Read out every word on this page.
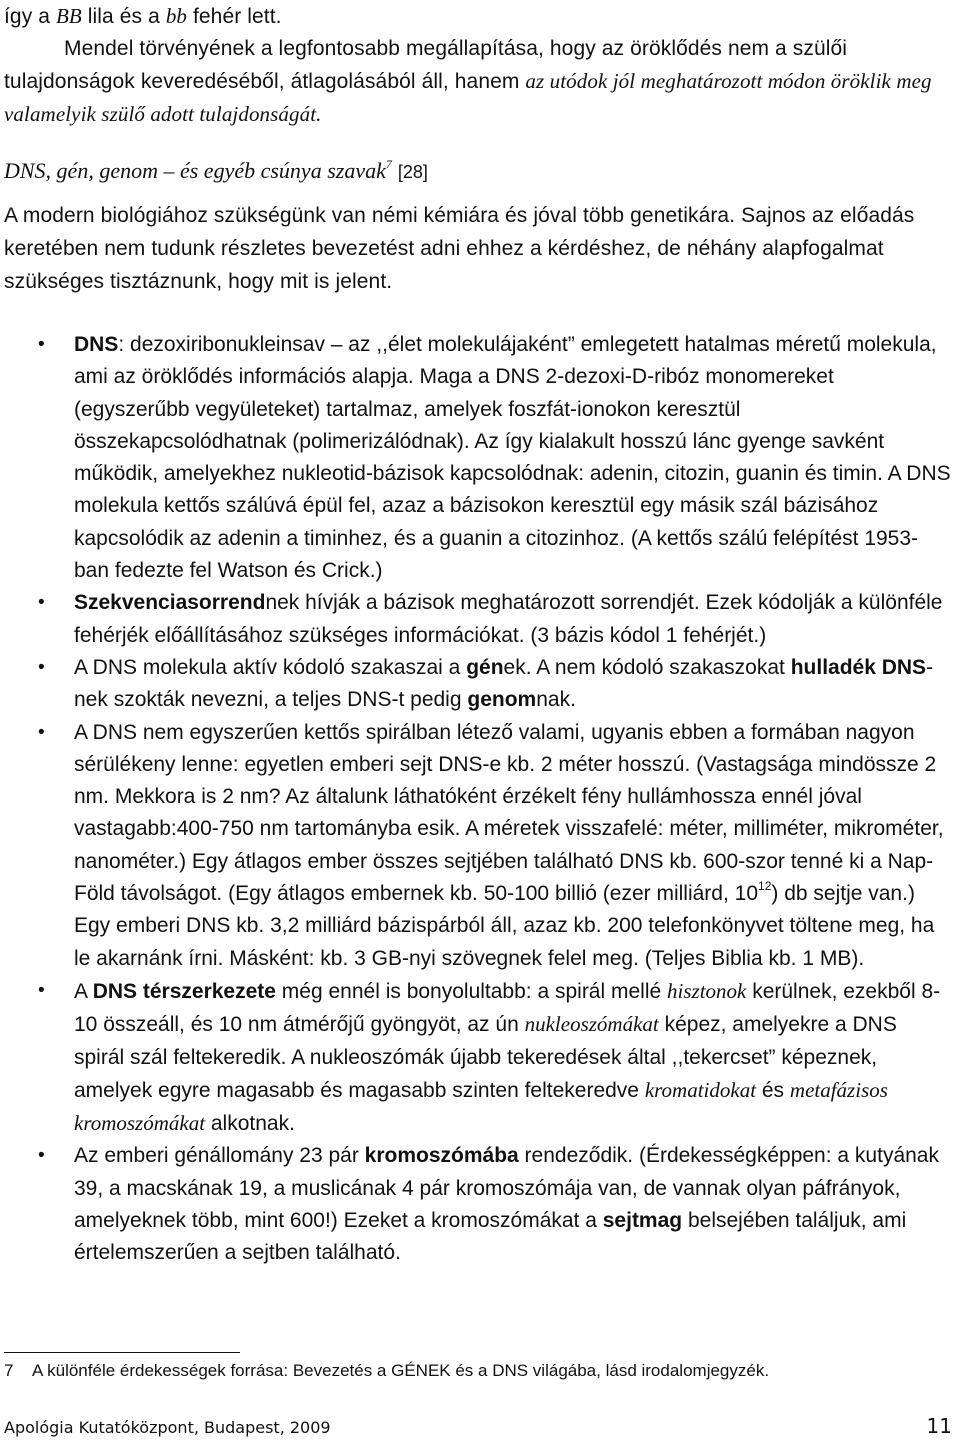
így a BB lila és a bb fehér lett.
Mendel törvényének a legfontosabb megállapítása, hogy az öröklődés nem a szülői tulajdonságok keveredéséből, átlagolásából áll, hanem az utódok jól meghatározott módon öröklik meg valamelyik szülő adott tulajdonságát.
DNS, gén, genom – és egyéb csúnya szavak$^7$ [28]
A modern biológiához szükségünk van némi kémiára és jóval több genetikára. Sajnos az előadás keretében nem tudunk részletes bevezetést adni ehhez a kérdéshez, de néhány alapfogalmat szükséges tisztáznunk, hogy mit is jelent.
• DNS: dezoxiribonukleinsav – az ,,élet molekulájaként” emlegetett hatalmas méretű molekula, ami az öröklődés információs alapja. Maga a DNS 2-dezoxi-D-ribóz monomereket (egyszerűbb vegyületeket) tartalmaz, amelyek foszfát-ionokon keresztül összekapcsolódhatnak (polimerizálódnak). Az így kialakult hosszú lánc gyenge savként működik, amelyekhez nukleotid-bázisok kapcsolódnak: adenin, citozin, guanin és timin. A DNS molekula kettős szálúvá épül fel, azaz a bázisokon keresztül egy másik szál bázisához kapcsolódik az adenin a timinhez, és a guanin a citozinhoz. (A kettős szálú felépítést 1953-ban fedezte fel Watson és Crick.)
• Szekvenciasorrendnek hívják a bázisok meghatározott sorrendjét. Ezek kódolják a különféle fehérjék előállításához szükséges információkat. (3 bázis kódol 1 fehérjét.)
• A DNS molekula aktív kódoló szakaszai a gének. A nem kódoló szakaszokat hulladék DNS-nek szokták nevezni, a teljes DNS-t pedig genomnak.
• A DNS nem egyszerűen kettős spirálban létező valami, ugyanis ebben a formában nagyon sérülékeny lenne: egyetlen emberi sejt DNS-e kb. 2 méter hosszú. (Vastagsága mindössze 2 nm. Mekkora is 2 nm? Az általunk láthatóként érzékelt fény hullámhossza ennél jóval vastagabb:400-750 nm tartományba esik. A méretek visszafelé: méter, milliméter, mikrométer, nanométer.) Egy átlagos ember összes sejtjében található DNS kb. 600-szor tenné ki a Nap-Föld távolságot. (Egy átlagos embernek kb. 50-100 billió (ezer milliárd, $10^{12}$) db sejtje van.) Egy emberi DNS kb. 3,2 milliárd bázispárból áll, azaz kb. 200 telefonkönyvet töltene meg, ha le akarnánk írni. Másként: kb. 3 GB-nyi szövegnek felel meg. (Teljes Biblia kb. 1 MB).
• A DNS térszerkezete még ennél is bonyolultabb: a spirál mellé hisztonok kerülnek, ezekből 8-10 összeáll, és 10 nm átmérőjű gyöngyöt, az ún nukleoszómákat képez, amelyekre a DNS spirál szál feltekeredik. A nukleoszómák újabb tekeredések által ,,tekercset” képeznek, amelyek egyre magasabb és magasabb szinten feltekeredve kromatidokat és metafázisos kromoszómákat alkotnak.
• Az emberi génállomány 23 pár kromoszómába rendeződik. (Érdekességképpen: a kutyának 39, a macskának 19, a muslicának 4 pár kromoszómája van, de vannak olyan páfrányok, amelyeknek több, mint 600!) Ezeket a kromoszómákat a sejtmag belsejében találjuk, ami értelemszerűen a sejtben található.
7 A különféle érdekességek forrása: Bevezetés a GÉNEK és a DNS világába, lásd irodalomjegyzék.
Apológia Kutatóközpont, Budapest, 2009	11
